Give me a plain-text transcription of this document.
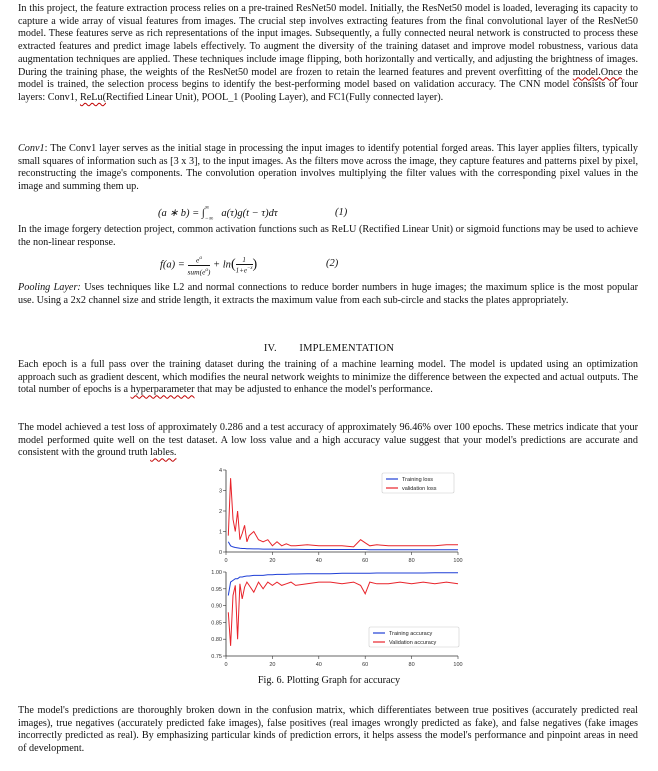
In this project, the feature extraction process relies on a pre-trained ResNet50 model. Initially, the ResNet50 model is loaded, leveraging its capacity to capture a wide array of visual features from images. The crucial step involves extracting features from the final convolutional layer of the ResNet50 model. These features serve as rich representations of the input images. Subsequently, a fully connected neural network is constructed to process these extracted features and predict image labels effectively. To augment the diversity of the training dataset and improve model robustness, various data augmentation techniques are applied. These techniques include image flipping, both horizontally and vertically, and adjusting the brightness of images. During the training phase, the weights of the ResNet50 model are frozen to retain the learned features and prevent overfitting of the model.Once the model is trained, the selection process begins to identify the best-performing model based on validation accuracy. The CNN model consists of four layers: Conv1, ReLu(Rectified Linear Unit), POOL_1 (Pooling Layer), and FC1(Fully connected layer).

Conv1: The Conv1 layer serves as the initial stage in processing the input images to identify potential forged areas. This layer applies filters, typically small squares of information such as [3 x 3], to the input images. As the filters move across the image, they capture features and patterns pixel by pixel, reconstructing the image's components. The convolution operation involves multiplying the filter values with the corresponding pixel values in the image and summing them up.

(a ∗ b) = ∫
∞
−∞ a(τ)g(t − τ)dτ	(1)

In the image forgery detection project, common activation functions such as ReLU (Rectified Linear Unit) or sigmoid functions may be used to achieve the non-linear response.

f(a) =	$e^a$
$sum(e^a)$
+ $\ln( \frac{1}{1+e^{-x}}$ )	(2)

Pooling Layer: Uses techniques like L2 and normal connections to reduce border numbers in huge images; the maximum splice is the most popular use. Using a 2x2 channel size and stride length, it extracts the maximum value from each sub-circle and stacks the plates appropriately.

IV.        IMPLEMENTATION

Each epoch is a full pass over the training dataset during the training of a machine learning model. The model is updated using an optimization approach such as gradient descent, which modifies the neural network weights to minimize the difference between the expected and actual outputs. The total number of epochs is a hyperparameter that may be adjusted to enhance the model's performance.

The model achieved a test loss of approximately 0.286 and a test accuracy of approximately 96.46% over 100 epochs. These metrics indicate that your model performed quite well on the test dataset. A low loss value and a high accuracy value suggest that your model's predictions are accurate and consistent with the ground truth lables.

0	20	40	60	80	100
0
1
2
3
4
Training loss
validation loss
0	20	40	60	80	100
0.75
0.80
0.85
0.90
0.95
1.00
Training accuracy
Validation accuracy
Fig. 6. Plotting Graph for accuracy

The model's predictions are thoroughly broken down in the confusion matrix, which differentiates between true positives (accurately predicted real images), true negatives (accurately predicted fake images), false positives (real images wrongly predicted as fake), and false negatives (fake images incorrectly predicted as real). By emphasizing particular kinds of prediction errors, it helps assess the model's performance and pinpoint areas in need of development.
